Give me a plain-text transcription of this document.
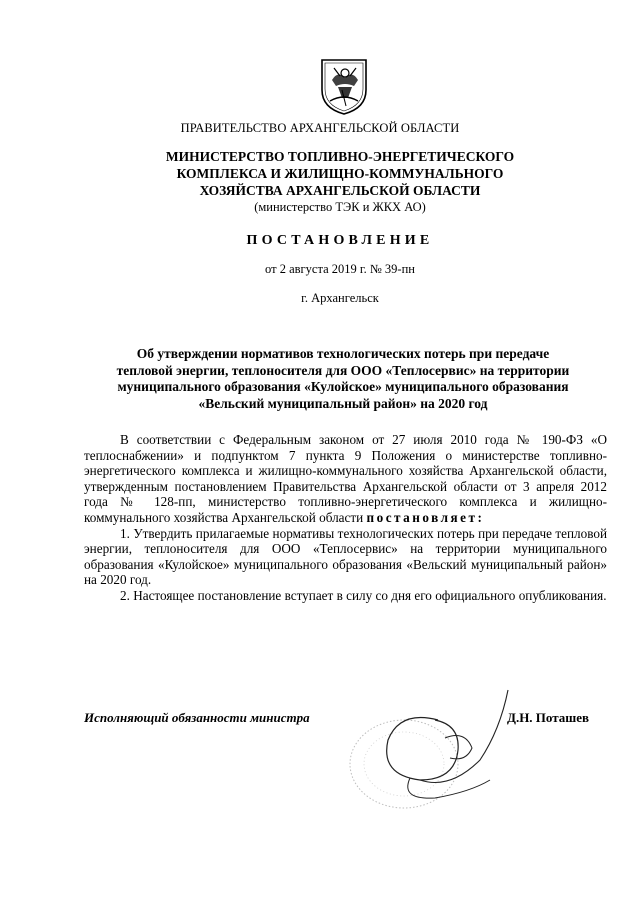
ПРАВИТЕЛЬСТВО АРХАНГЕЛЬСКОЙ ОБЛАСТИ
МИНИСТЕРСТВО ТОПЛИВНО-ЭНЕРГЕТИЧЕСКОГО
КОМПЛЕКСА И ЖИЛИЩНО-КОММУНАЛЬНОГО
ХОЗЯЙСТВА АРХАНГЕЛЬСКОЙ ОБЛАСТИ
(министерство ТЭК и ЖКХ АО)
ПОСТАНОВЛЕНИЕ
от 2 августа 2019 г. № 39-пн
г. Архангельск
Об утверждении нормативов технологических потерь при передаче
тепловой энергии, теплоносителя для ООО «Теплосервис» на территории
муниципального образования «Кулойское» муниципального образования
«Вельский муниципальный район» на 2020 год

В соответствии с Федеральным законом от 27 июля 2010 года № 190-ФЗ «О теплоснабжении» и подпунктом 7 пункта 9 Положения о министерстве топливно-энергетического комплекса и жилищно-коммунального хозяйства Архангельской области, утвержденным постановлением Правительства Архангельской области от 3 апреля 2012 года № 128-пп, министерство топливно-энергетического комплекса и жилищно-коммунального хозяйства Архангельской области постановляет:

1. Утвердить прилагаемые нормативы технологических потерь при передаче тепловой энергии, теплоносителя для ООО «Теплосервис» на территории муниципального образования «Кулойское» муниципального образования «Вельский муниципальный район» на 2020 год.

2. Настоящее постановление вступает в силу со дня его официального опубликования.

Исполняющий обязанности министра	Д.Н. Поташев
